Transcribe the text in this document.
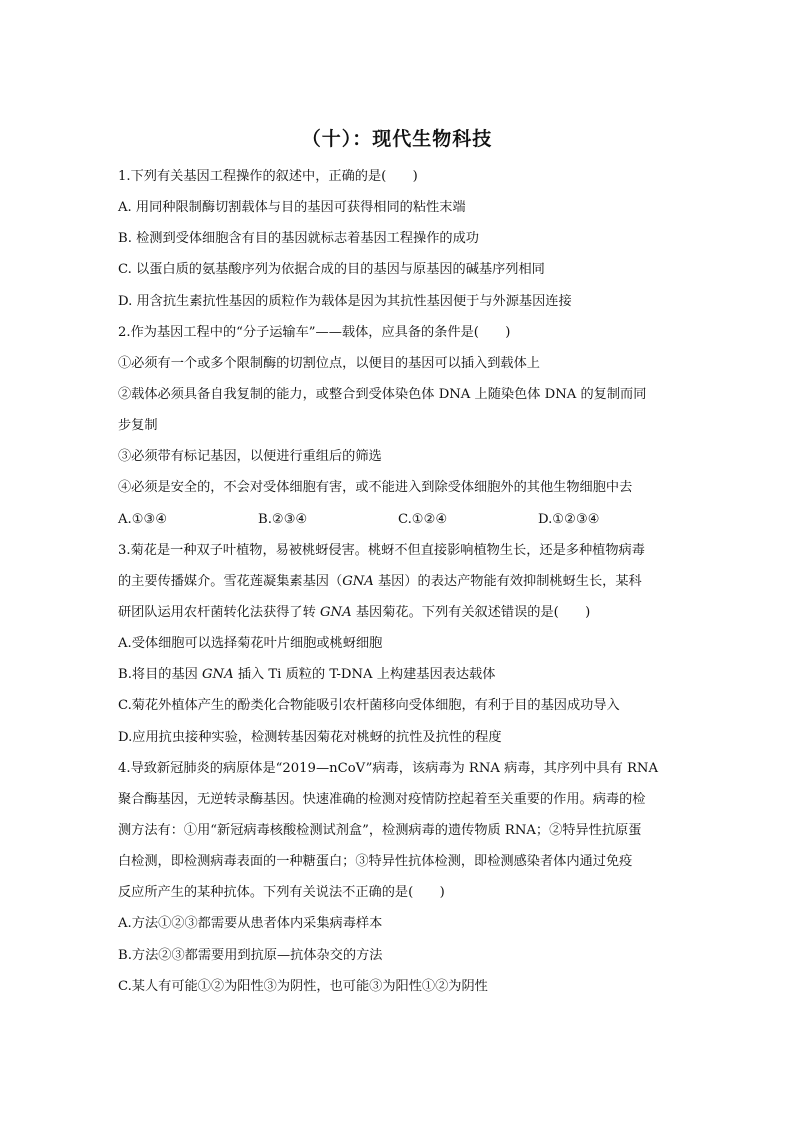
（十）：现代生物科技
1.下列有关基因工程操作的叙述中，正确的是(　　)
A. 用同种限制酶切割载体与目的基因可获得相同的粘性末端
B. 检测到受体细胞含有目的基因就标志着基因工程操作的成功
C. 以蛋白质的氨基酸序列为依据合成的目的基因与原基因的碱基序列相同
D. 用含抗生素抗性基因的质粒作为载体是因为其抗性基因便于与外源基因连接
2.作为基因工程中的“分子运输车”——载体，应具备的条件是(　　)
①必须有一个或多个限制酶的切割位点，以便目的基因可以插入到载体上
②载体必须具备自我复制的能力，或整合到受体染色体 DNA 上随染色体 DNA 的复制而同
步复制
③必须带有标记基因，以便进行重组后的筛选
④必须是安全的，不会对受体细胞有害，或不能进入到除受体细胞外的其他生物细胞中去
A.①③④	B.②③④	C.①②④	D.①②③④
3.菊花是一种双子叶植物，易被桃蚜侵害。桃蚜不但直接影响植物生长，还是多种植物病毒
的主要传播媒介。雪花莲凝集素基因（GNA 基因）的表达产物能有效抑制桃蚜生长，某科
研团队运用农杆菌转化法获得了转 GNA 基因菊花。下列有关叙述错误的是(　　)
A.受体细胞可以选择菊花叶片细胞或桃蚜细胞
B.将目的基因 GNA 插入 Ti 质粒的 T-DNA 上构建基因表达载体
C.菊花外植体产生的酚类化合物能吸引农杆菌移向受体细胞，有利于目的基因成功导入
D.应用抗虫接种实验，检测转基因菊花对桃蚜的抗性及抗性的程度
4.导致新冠肺炎的病原体是“2019—nCoV”病毒，该病毒为 RNA 病毒，其序列中具有 RNA
聚合酶基因，无逆转录酶基因。快速准确的检测对疫情防控起着至关重要的作用。病毒的检
测方法有：①用“新冠病毒核酸检测试剂盒”，检测病毒的遗传物质 RNA；②特异性抗原蛋
白检测，即检测病毒表面的一种糖蛋白；③特异性抗体检测，即检测感染者体内通过免疫
反应所产生的某种抗体。下列有关说法不正确的是(　　)
A.方法①②③都需要从患者体内采集病毒样本
B.方法②③都需要用到抗原—抗体杂交的方法
C.某人有可能①②为阳性③为阴性，也可能③为阳性①②为阴性
